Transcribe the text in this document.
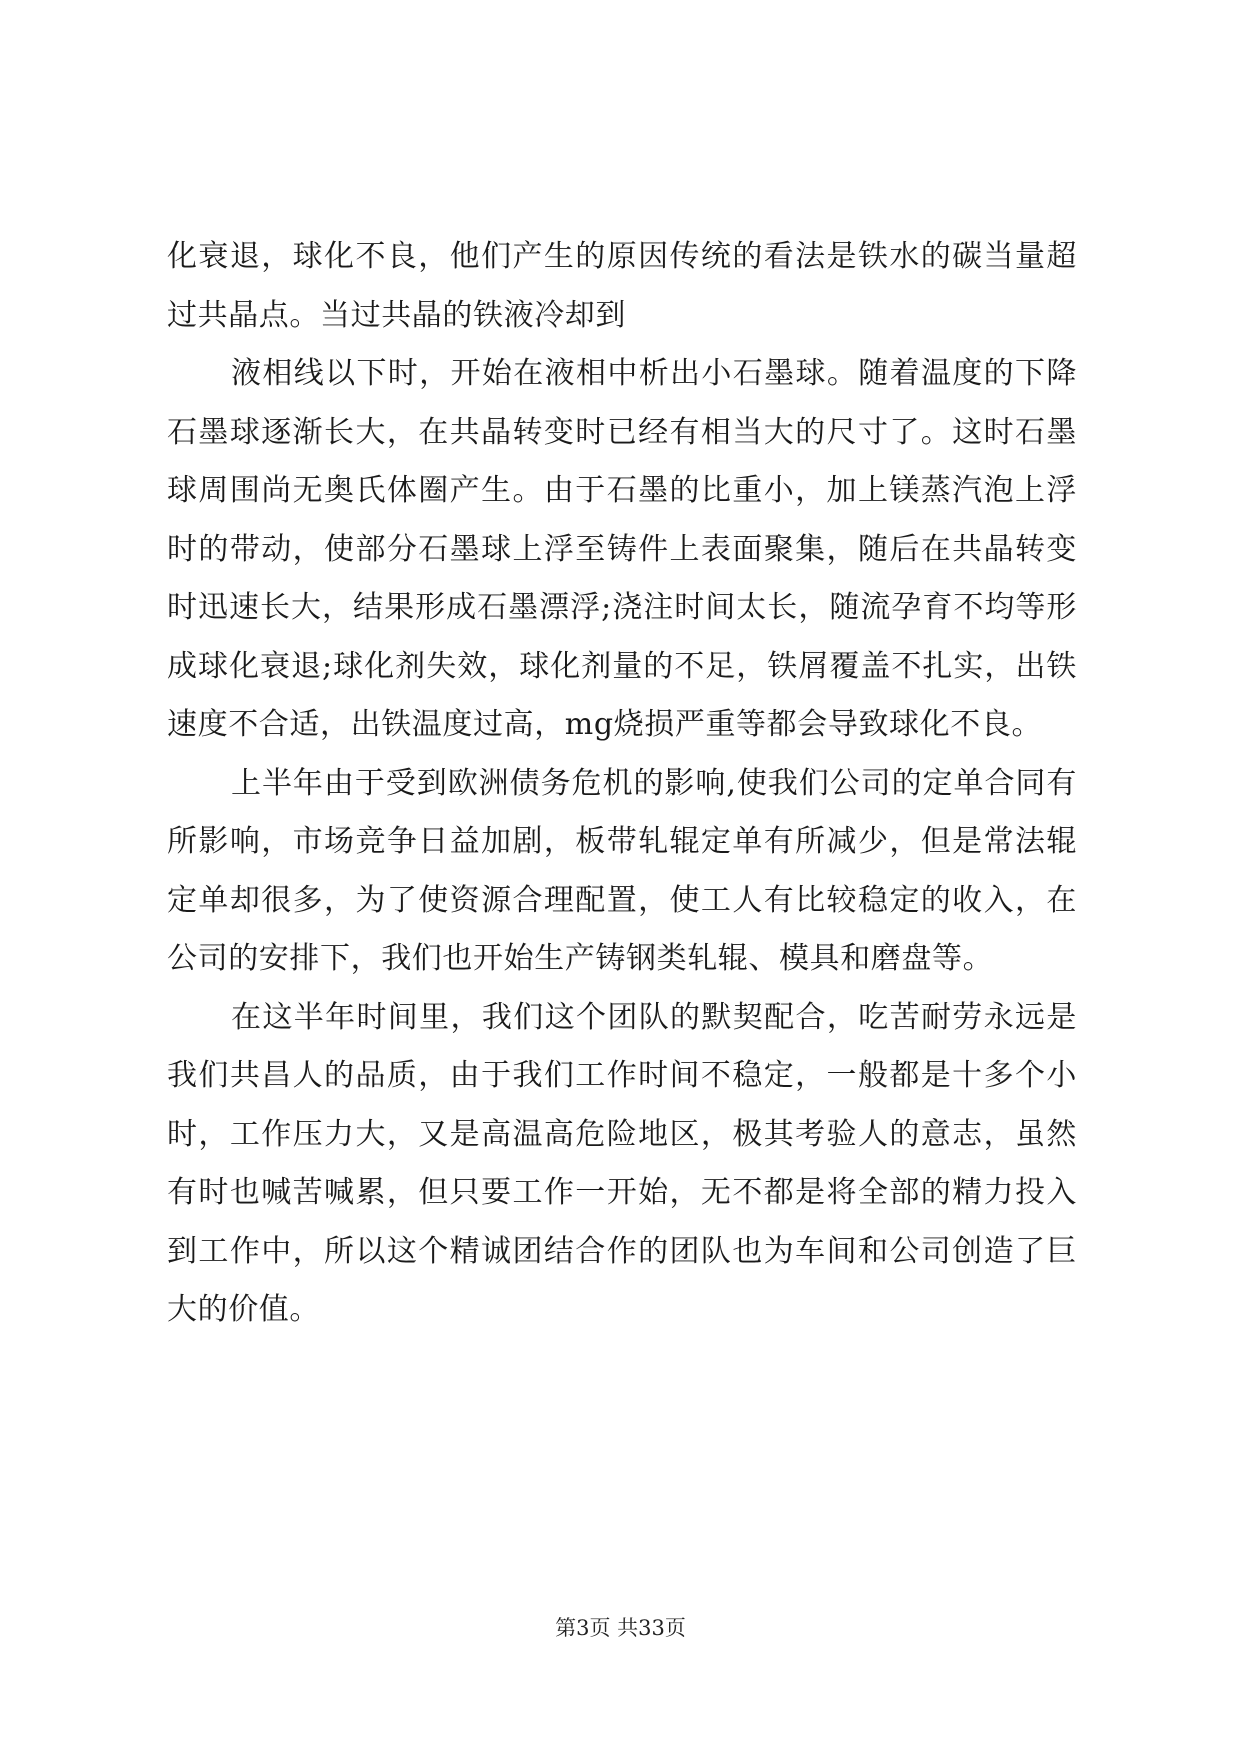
化衰退，球化不良，他们产生的原因传统的看法是铁水的碳当量超过共晶点。当过共晶的铁液冷却到

液相线以下时，开始在液相中析出小石墨球。随着温度的下降石墨球逐渐长大，在共晶转变时已经有相当大的尺寸了。这时石墨球周围尚无奥氏体圈产生。由于石墨的比重小，加上镁蒸汽泡上浮时的带动，使部分石墨球上浮至铸件上表面聚集，随后在共晶转变时迅速长大，结果形成石墨漂浮;浇注时间太长，随流孕育不均等形成球化衰退;球化剂失效，球化剂量的不足，铁屑覆盖不扎实，出铁速度不合适，出铁温度过高，mg烧损严重等都会导致球化不良。

上半年由于受到欧洲债务危机的影响,使我们公司的定单合同有所影响，市场竞争日益加剧，板带轧辊定单有所减少，但是常法辊定单却很多，为了使资源合理配置，使工人有比较稳定的收入，在公司的安排下，我们也开始生产铸钢类轧辊、模具和磨盘等。

在这半年时间里，我们这个团队的默契配合，吃苦耐劳永远是我们共昌人的品质，由于我们工作时间不稳定，一般都是十多个小时，工作压力大，又是高温高危险地区，极其考验人的意志，虽然有时也喊苦喊累，但只要工作一开始，无不都是将全部的精力投入到工作中，所以这个精诚团结合作的团队也为车间和公司创造了巨大的价值。

第3页 共33页
